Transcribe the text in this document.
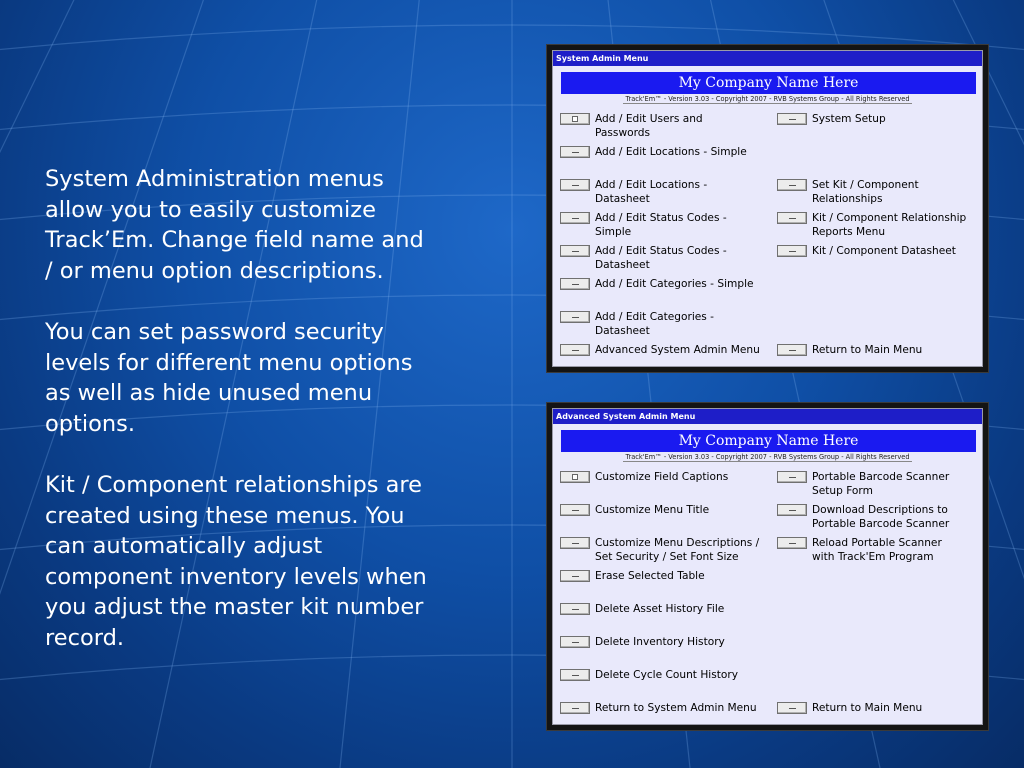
System Administration menus
allow you to easily customize
Track’Em. Change field name and
/ or menu option descriptions.

You can set password security
levels for different menu options
as well as hide unused menu
options.

Kit / Component relationships are
created using these menus. You
can automatically adjust
component inventory levels when
you adjust the master kit number
record.

System Admin Menu
My Company Name Here
Track'Em™ - Version 3.03 - Copyright 2007 - RVB Systems Group - All Rights Reserved
Add / Edit Users and
Passwords
Add / Edit Locations - Simple
Add / Edit Locations -
Datasheet
Add / Edit Status Codes -
Simple
Add / Edit Status Codes -
Datasheet
Add / Edit Categories - Simple
Add / Edit Categories -
Datasheet
Advanced System Admin Menu
System Setup
Set Kit / Component
Relationships
Kit / Component Relationship
Reports Menu
Kit / Component Datasheet
Return to Main Menu
Advanced System Admin Menu
My Company Name Here
Track'Em™ - Version 3.03 - Copyright 2007 - RVB Systems Group - All Rights Reserved
Customize Field Captions
Customize Menu Title
Customize Menu Descriptions /
Set Security / Set Font Size
Erase Selected Table
Delete Asset History File
Delete Inventory History
Delete Cycle Count History
Return to System Admin Menu
Portable Barcode Scanner
Setup Form
Download Descriptions to
Portable Barcode Scanner
Reload Portable Scanner
with Track'Em Program
Return to Main Menu
